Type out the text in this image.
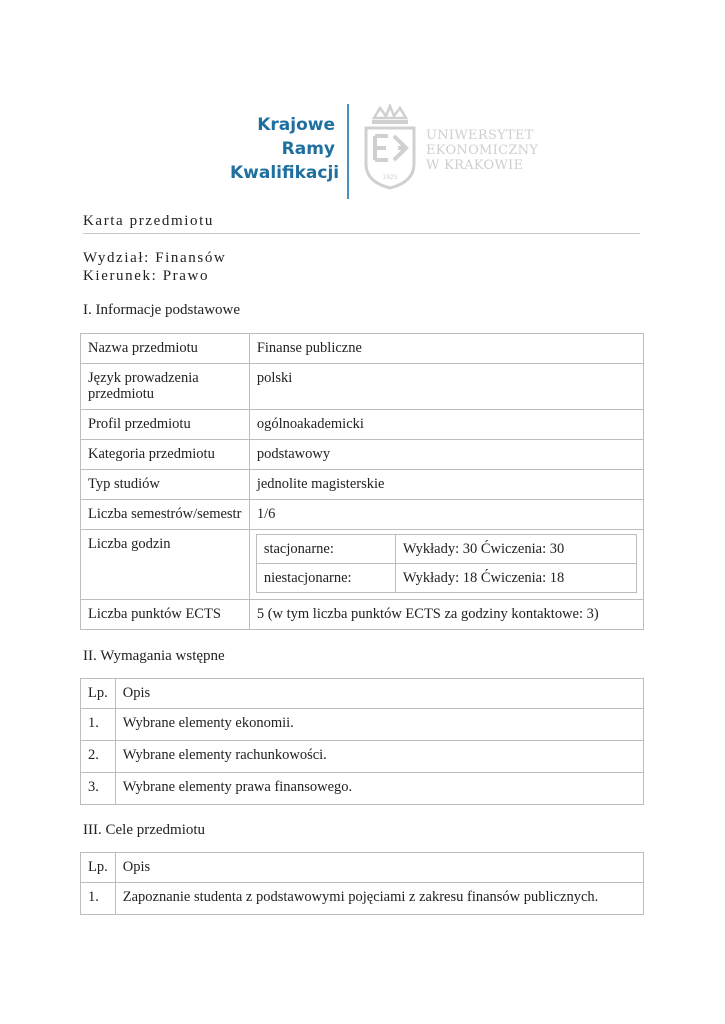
Krajowe
Ramy
Kwalifikacji	1925
UNIWERSYTET
EKONOMICZNY
W KRAKOWIE
Karta przedmiotu
Wydział: Finansów
Kierunek: Prawo
I. Informacje podstawowe
Nazwa przedmiotu	Finanse publiczne
Język prowadzenia przedmiotu	polski
Profil przedmiotu	ogólnoakademicki
Kategoria przedmiotu	podstawowy
Typ studiów	jednolite magisterskie
Liczba semestrów/semestr	1/6
Liczba godzin		stacjonarne:	Wykłady: 30 Ćwiczenia: 30
niestacjonarne:	Wykłady: 18 Ćwiczenia: 18

Liczba punktów ECTS	5 (w tym liczba punktów ECTS za godziny kontaktowe: 3)
II. Wymagania wstępne
Lp.	Opis
1.	Wybrane elementy ekonomii.
2.	Wybrane elementy rachunkowości.
3.	Wybrane elementy prawa finansowego.
III. Cele przedmiotu
Lp.	Opis
1.	Zapoznanie studenta z podstawowymi pojęciami z zakresu finansów publicznych.
